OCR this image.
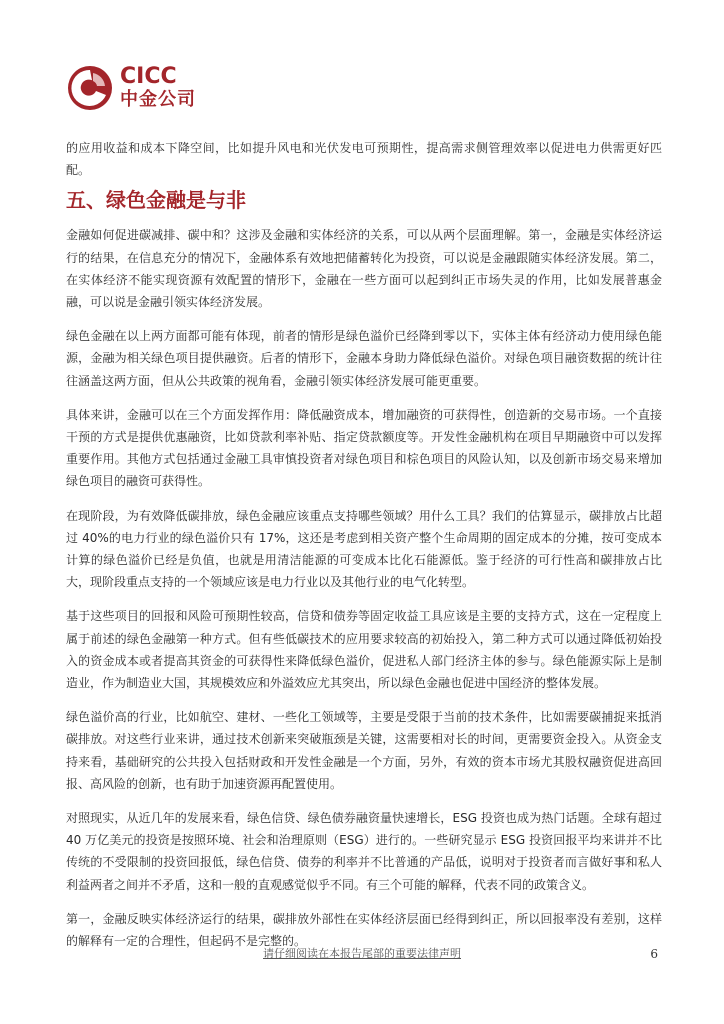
CICC
中金公司

的应用收益和成本下降空间，比如提升风电和光伏发电可预期性，提高需求侧管理效率以促进电力供需更好匹配。

五、绿色金融是与非

金融如何促进碳减排、碳中和？这涉及金融和实体经济的关系，可以从两个层面理解。第一，金融是实体经济运行的结果，在信息充分的情况下，金融体系有效地把储蓄转化为投资，可以说是金融跟随实体经济发展。第二，在实体经济不能实现资源有效配置的情形下，金融在一些方面可以起到纠正市场失灵的作用，比如发展普惠金融，可以说是金融引领实体经济发展。

绿色金融在以上两方面都可能有体现，前者的情形是绿色溢价已经降到零以下，实体主体有经济动力使用绿色能源，金融为相关绿色项目提供融资。后者的情形下，金融本身助力降低绿色溢价。对绿色项目融资数据的统计往往涵盖这两方面，但从公共政策的视角看，金融引领实体经济发展可能更重要。

具体来讲，金融可以在三个方面发挥作用：降低融资成本，增加融资的可获得性，创造新的交易市场。一个直接干预的方式是提供优惠融资，比如贷款利率补贴、指定贷款额度等。开发性金融机构在项目早期融资中可以发挥重要作用。其他方式包括通过金融工具审慎投资者对绿色项目和棕色项目的风险认知，以及创新市场交易来增加绿色项目的融资可获得性。

在现阶段，为有效降低碳排放，绿色金融应该重点支持哪些领域？用什么工具？我们的估算显示，碳排放占比超过 40%的电力行业的绿色溢价只有 17%，这还是考虑到相关资产整个生命周期的固定成本的分摊，按可变成本计算的绿色溢价已经是负值，也就是用清洁能源的可变成本比化石能源低。鉴于经济的可行性高和碳排放占比大，现阶段重点支持的一个领域应该是电力行业以及其他行业的电气化转型。

基于这些项目的回报和风险可预期性较高，信贷和债券等固定收益工具应该是主要的支持方式，这在一定程度上属于前述的绿色金融第一种方式。但有些低碳技术的应用要求较高的初始投入，第二种方式可以通过降低初始投入的资金成本或者提高其资金的可获得性来降低绿色溢价，促进私人部门经济主体的参与。绿色能源实际上是制造业，作为制造业大国，其规模效应和外溢效应尤其突出，所以绿色金融也促进中国经济的整体发展。

绿色溢价高的行业，比如航空、建材、一些化工领域等，主要是受限于当前的技术条件，比如需要碳捕捉来抵消碳排放。对这些行业来讲，通过技术创新来突破瓶颈是关键，这需要相对长的时间，更需要资金投入。从资金支持来看，基础研究的公共投入包括财政和开发性金融是一个方面，另外，有效的资本市场尤其股权融资促进高回报、高风险的创新，也有助于加速资源再配置使用。

对照现实，从近几年的发展来看，绿色信贷、绿色债券融资量快速增长，ESG 投资也成为热门话题。全球有超过 40 万亿美元的投资是按照环境、社会和治理原则（ESG）进行的。一些研究显示 ESG 投资回报平均来讲并不比传统的不受限制的投资回报低，绿色信贷、债券的利率并不比普通的产品低，说明对于投资者而言做好事和私人利益两者之间并不矛盾，这和一般的直观感觉似乎不同。有三个可能的解释，代表不同的政策含义。

第一，金融反映实体经济运行的结果，碳排放外部性在实体经济层面已经得到纠正，所以回报率没有差别，这样的解释有一定的合理性，但起码不是完整的。

请仔细阅读在本报告尾部的重要法律声明	6
